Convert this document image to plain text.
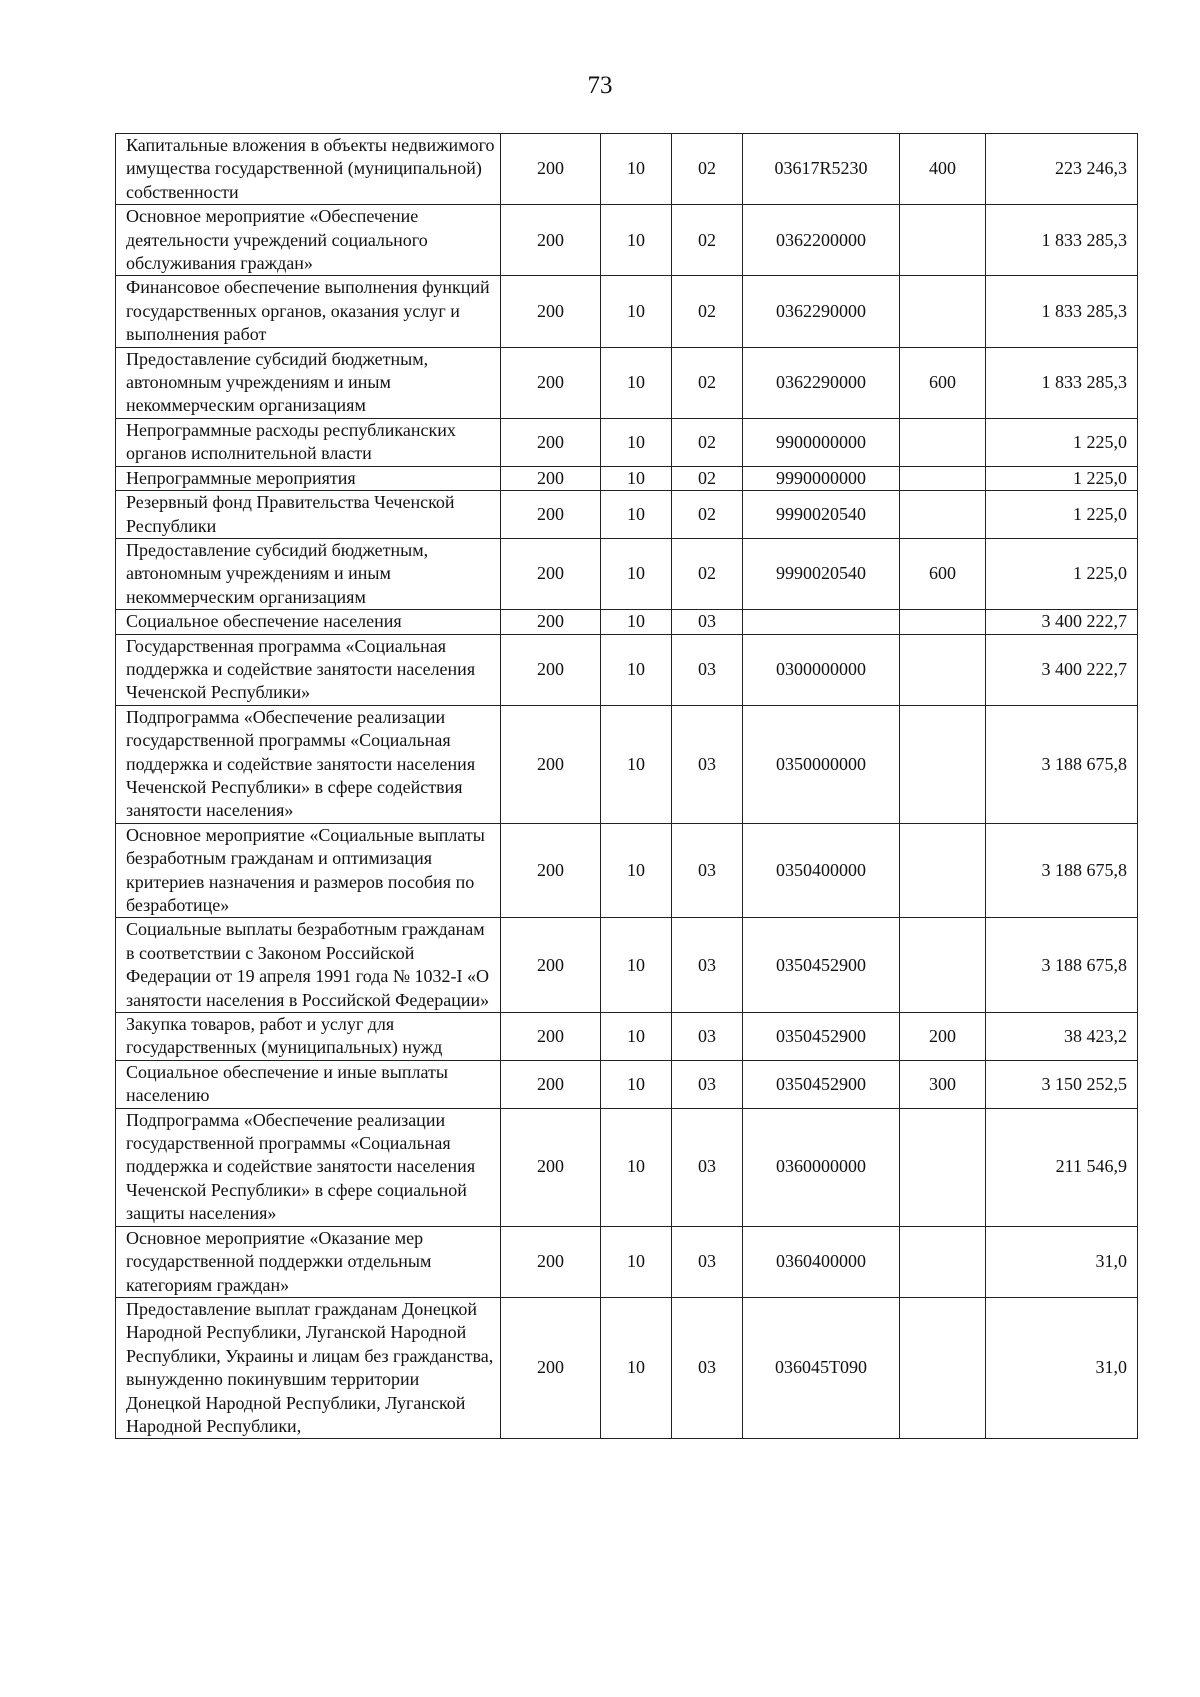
73
Капитальные вложения в объекты недвижимого имущества государственной (муниципальной) собственности	200	10	02	03617R5230	400	223 246,3
Основное мероприятие «Обеспечение деятельности учреждений социального обслуживания граждан»	200	10	02	0362200000		1 833 285,3
Финансовое обеспечение выполнения функций государственных органов, оказания услуг и выполнения работ	200	10	02	0362290000		1 833 285,3
Предоставление субсидий бюджетным, автономным учреждениям и иным некоммерческим организациям	200	10	02	0362290000	600	1 833 285,3
Непрограммные расходы республиканских органов исполнительной власти	200	10	02	9900000000		1 225,0
Непрограммные мероприятия	200	10	02	9990000000		1 225,0
Резервный фонд Правительства Чеченской Республики	200	10	02	9990020540		1 225,0
Предоставление субсидий бюджетным, автономным учреждениям и иным некоммерческим организациям	200	10	02	9990020540	600	1 225,0
Социальное обеспечение населения	200	10	03			3 400 222,7
Государственная программа «Социальная поддержка и содействие занятости населения Чеченской Республики»	200	10	03	0300000000		3 400 222,7
Подпрограмма «Обеспечение реализации государственной программы «Социальная поддержка и содействие занятости населения Чеченской Республики» в сфере содействия занятости населения»	200	10	03	0350000000		3 188 675,8
Основное мероприятие «Социальные выплаты безработным гражданам и оптимизация критериев назначения и размеров пособия по безработице»	200	10	03	0350400000		3 188 675,8
Социальные выплаты безработным гражданам в соответствии с Законом Российской Федерации от 19 апреля 1991 года № 1032-I «О занятости населения в Российской Федерации»	200	10	03	0350452900		3 188 675,8
Закупка товаров, работ и услуг для государственных (муниципальных) нужд	200	10	03	0350452900	200	38 423,2
Социальное обеспечение и иные выплаты населению	200	10	03	0350452900	300	3 150 252,5
Подпрограмма «Обеспечение реализации государственной программы «Социальная поддержка и содействие занятости населения Чеченской Республики» в сфере социальной защиты населения»	200	10	03	0360000000		211 546,9
Основное мероприятие «Оказание мер государственной поддержки отдельным категориям граждан»	200	10	03	0360400000		31,0
Предоставление выплат гражданам Донецкой Народной Республики, Луганской Народной Республики, Украины и лицам без гражданства, вынужденно покинувшим территории Донецкой Народной Республики, Луганской Народной Республики,	200	10	03	036045Т090		31,0
